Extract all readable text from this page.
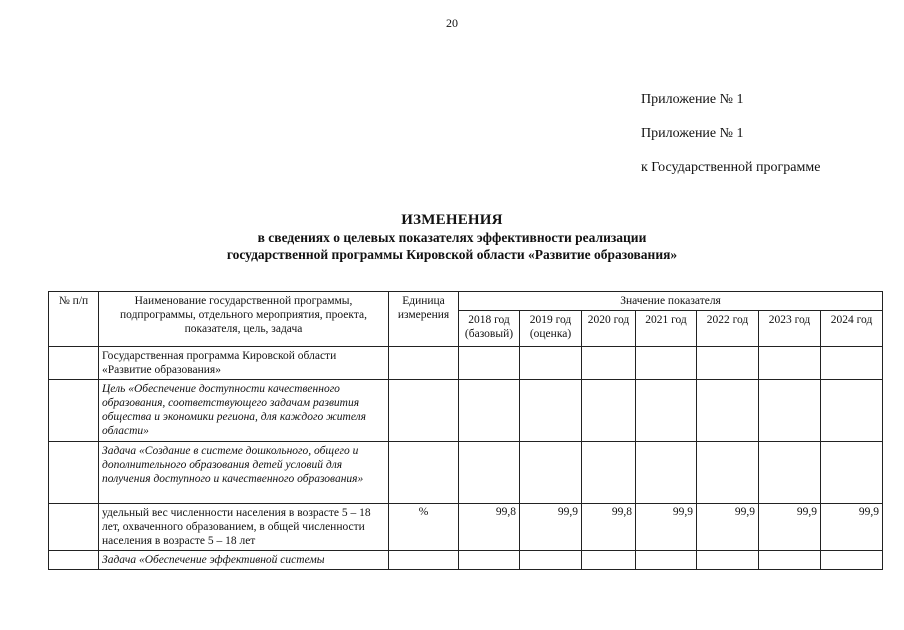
20
Приложение № 1
Приложение № 1
к Государственной программе
ИЗМЕНЕНИЯ
в сведениях о целевых показателях эффективности реализации
государственной программы Кировской области «Развитие образования»
№ п/п	Наименование государственной программы, подпрограммы, отдельного мероприятия, проекта, показателя, цель, задача	Единица измерения	Значение показателя						
			2018 год (базовый)	2019 год (оценка)	2020 год	2021 год	2022 год	2023 год	2024 год
	Государственная программа Кировской области «Развитие образования»								
	Цель «Обеспечение доступности качественного образования, соответствующего задачам развития общества и экономики региона, для каждого жителя области»								
	Задача «Создание в системе дошкольного, общего и дополнительного образования детей условий для получения доступного и качественного образования»								
	удельный вес численности населения в возрасте 5 – 18 лет, охваченного образованием, в общей численности населения в возрасте 5 – 18 лет	%	99,8	99,9	99,8	99,9	99,9	99,9	99,9
	Задача «Обеспечение эффективной системы								
